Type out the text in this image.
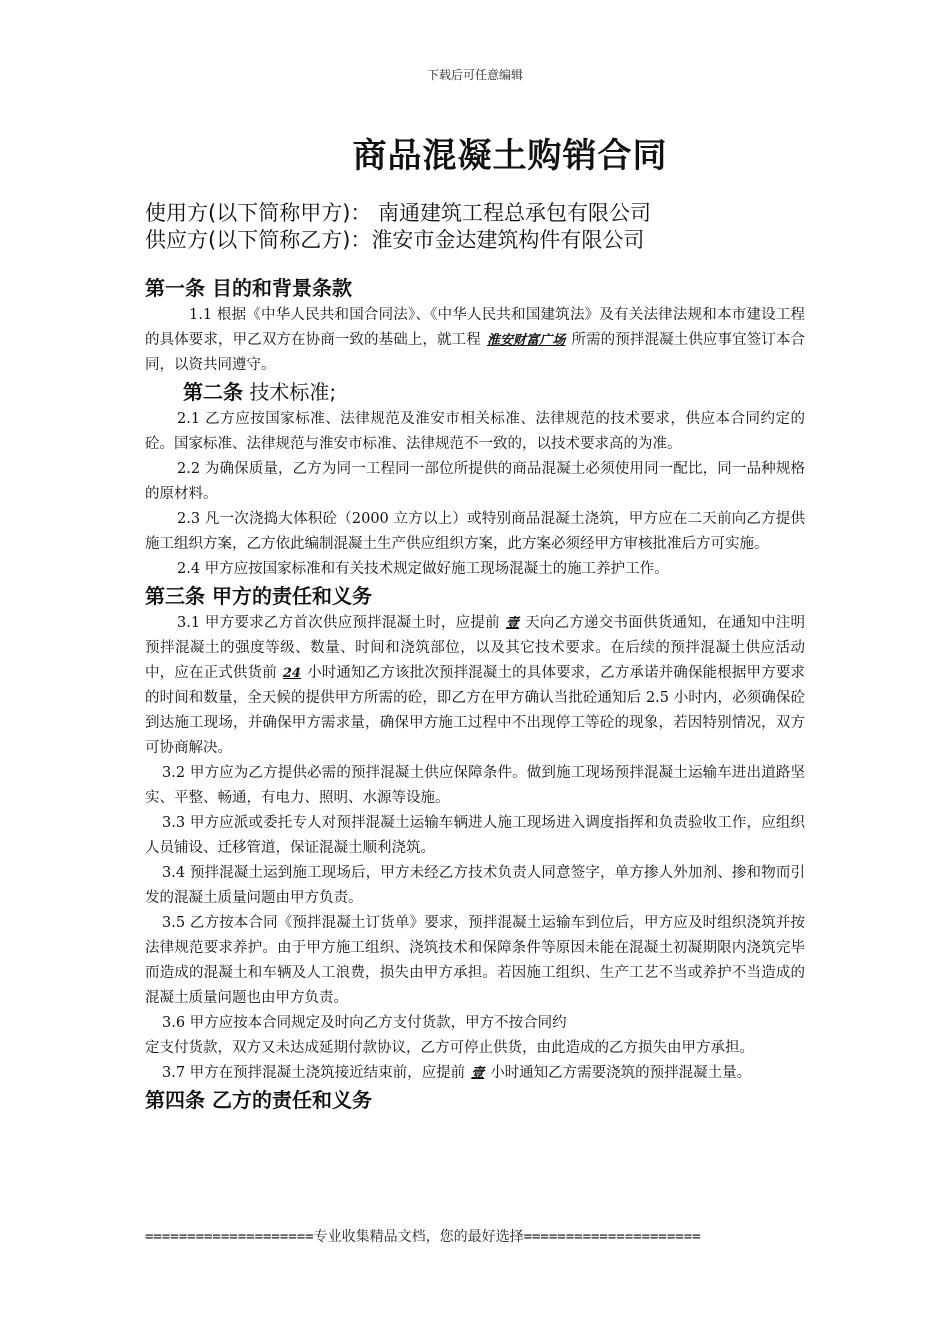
下载后可任意编辑
商品混凝土购销合同
使用方(以下简称甲方)： 南通建筑工程总承包有限公司
供应方(以下简称乙方)：淮安市金达建筑构件有限公司
第一条 目的和背景条款

1.1 根据《中华人民共和国合同法》、《中华人民共和国建筑法》及有关法律法规和本市建设工程的具体要求，甲乙双方在协商一致的基础上，就工程 淮安财富广场 所需的预拌混凝土供应事宜签订本合同，以资共同遵守。

第二条 技术标准;

2.1 乙方应按国家标准、法律规范及淮安市相关标准、法律规范的技术要求，供应本合同约定的砼。国家标准、法律规范与淮安市标准、法律规范不一致的，以技术要求高的为准。

2.2 为确保质量，乙方为同一工程同一部位所提供的商品混凝土必须使用同一配比，同一品种规格的原材料。

2.3 凡一次浇捣大体积砼（2000 立方以上）或特别商品混凝土浇筑，甲方应在二天前向乙方提供施工组织方案，乙方依此编制混凝土生产供应组织方案，此方案必须经甲方审核批准后方可实施。

2.4 甲方应按国家标准和有关技术规定做好施工现场混凝土的施工养护工作。

第三条 甲方的责任和义务

3.1 甲方要求乙方首次供应预拌混凝土时，应提前 壹 天向乙方递交书面供货通知，在通知中注明预拌混凝土的强度等级、数量、时间和浇筑部位，以及其它技术要求。在后续的预拌混凝土供应活动中，应在正式供货前 24 小时通知乙方该批次预拌混凝土的具体要求，乙方承诺并确保能根据甲方要求的时间和数量，全天候的提供甲方所需的砼，即乙方在甲方确认当批砼通知后 2.5 小时内，必须确保砼到达施工现场，并确保甲方需求量，确保甲方施工过程中不出现停工等砼的现象，若因特别情况，双方可协商解决。

3.2 甲方应为乙方提供必需的预拌混凝土供应保障条件。做到施工现场预拌混凝土运输车进出道路坚实、平整、畅通，有电力、照明、水源等设施。

3.3 甲方应派或委托专人对预拌混凝土运输车辆进人施工现场进入调度指挥和负责验收工作，应组织人员铺设、迁移管道，保证混凝土顺利浇筑。

3.4 预拌混凝土运到施工现场后，甲方未经乙方技术负责人同意签字，单方掺人外加剂、掺和物而引发的混凝土质量问题由甲方负责。

3.5 乙方按本合同《预拌混凝土订货单》要求，预拌混凝土运输车到位后，甲方应及时组织浇筑并按法律规范要求养护。由于甲方施工组织、浇筑技术和保障条件等原因未能在混凝土初凝期限内浇筑完毕而造成的混凝土和车辆及人工浪费，损失由甲方承担。若因施工组织、生产工艺不当或养护不当造成的混凝土质量问题也由甲方负责。

3.6 甲方应按本合同规定及时向乙方支付货款，甲方不按合同约

定支付货款，双方又未达成延期付款协议，乙方可停止供货，由此造成的乙方损失由甲方承担。

3.7 甲方在预拌混凝土浇筑接近结束前，应提前 壹 小时通知乙方需要浇筑的预拌混凝土量。

第四条 乙方的责任和义务
====================专业收集精品文档，您的最好选择=====================
